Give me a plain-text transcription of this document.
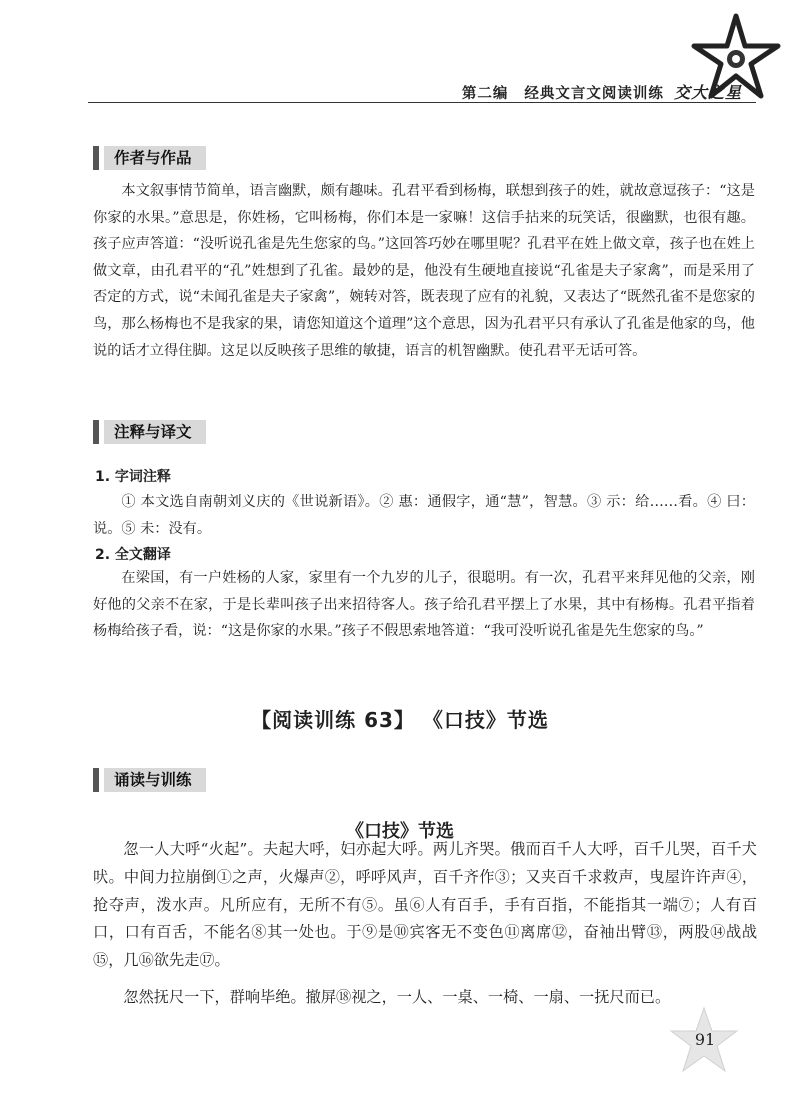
第二编 经典文言文阅读训练 交大之星
作者与作品

本文叙事情节简单，语言幽默，颇有趣味。孔君平看到杨梅，联想到孩子的姓，就故意逗孩子：“这是你家的水果。”意思是，你姓杨，它叫杨梅，你们本是一家嘛！这信手拈来的玩笑话，很幽默，也很有趣。孩子应声答道：“没听说孔雀是先生您家的鸟。”这回答巧妙在哪里呢？孔君平在姓上做文章，孩子也在姓上做文章，由孔君平的“孔”姓想到了孔雀。最妙的是，他没有生硬地直接说“孔雀是夫子家禽”，而是采用了否定的方式，说“未闻孔雀是夫子家禽”，婉转对答，既表现了应有的礼貌，又表达了“既然孔雀不是您家的鸟，那么杨梅也不是我家的果，请您知道这个道理”这个意思，因为孔君平只有承认了孔雀是他家的鸟，他说的话才立得住脚。这足以反映孩子思维的敏捷，语言的机智幽默。使孔君平无话可答。

注释与译文
1. 字词注释

① 本文选自南朝刘义庆的《世说新语》。② 惠：通假字，通“慧”，智慧。③ 示：给……看。④ 曰：说。⑤ 未：没有。

2. 全文翻译

在梁国，有一户姓杨的人家，家里有一个九岁的儿子，很聪明。有一次，孔君平来拜见他的父亲，刚好他的父亲不在家，于是长辈叫孩子出来招待客人。孩子给孔君平摆上了水果，其中有杨梅。孔君平指着杨梅给孩子看，说：“这是你家的水果。”孩子不假思索地答道：“我可没听说孔雀是先生您家的鸟。”

【阅读训练 63】 《口技》节选
诵读与训练
《口技》节选

忽一人大呼“火起”。夫起大呼，妇亦起大呼。两儿齐哭。俄而百千人大呼，百千儿哭，百千犬吠。中间力拉崩倒①之声，火爆声②，呼呼风声，百千齐作③；又夹百千求救声，曳屋许许声④，抢夺声，泼水声。凡所应有，无所不有⑤。虽⑥人有百手，手有百指，不能指其一端⑦；人有百口，口有百舌，不能名⑧其一处也。于⑨是⑩宾客无不变色⑪离席⑫，奋袖出臂⑬，两股⑭战战⑮，几⑯欲先走⑰。

忽然抚尺一下，群响毕绝。撤屏⑱视之，一人、一桌、一椅、一扇、一抚尺而已。

91
